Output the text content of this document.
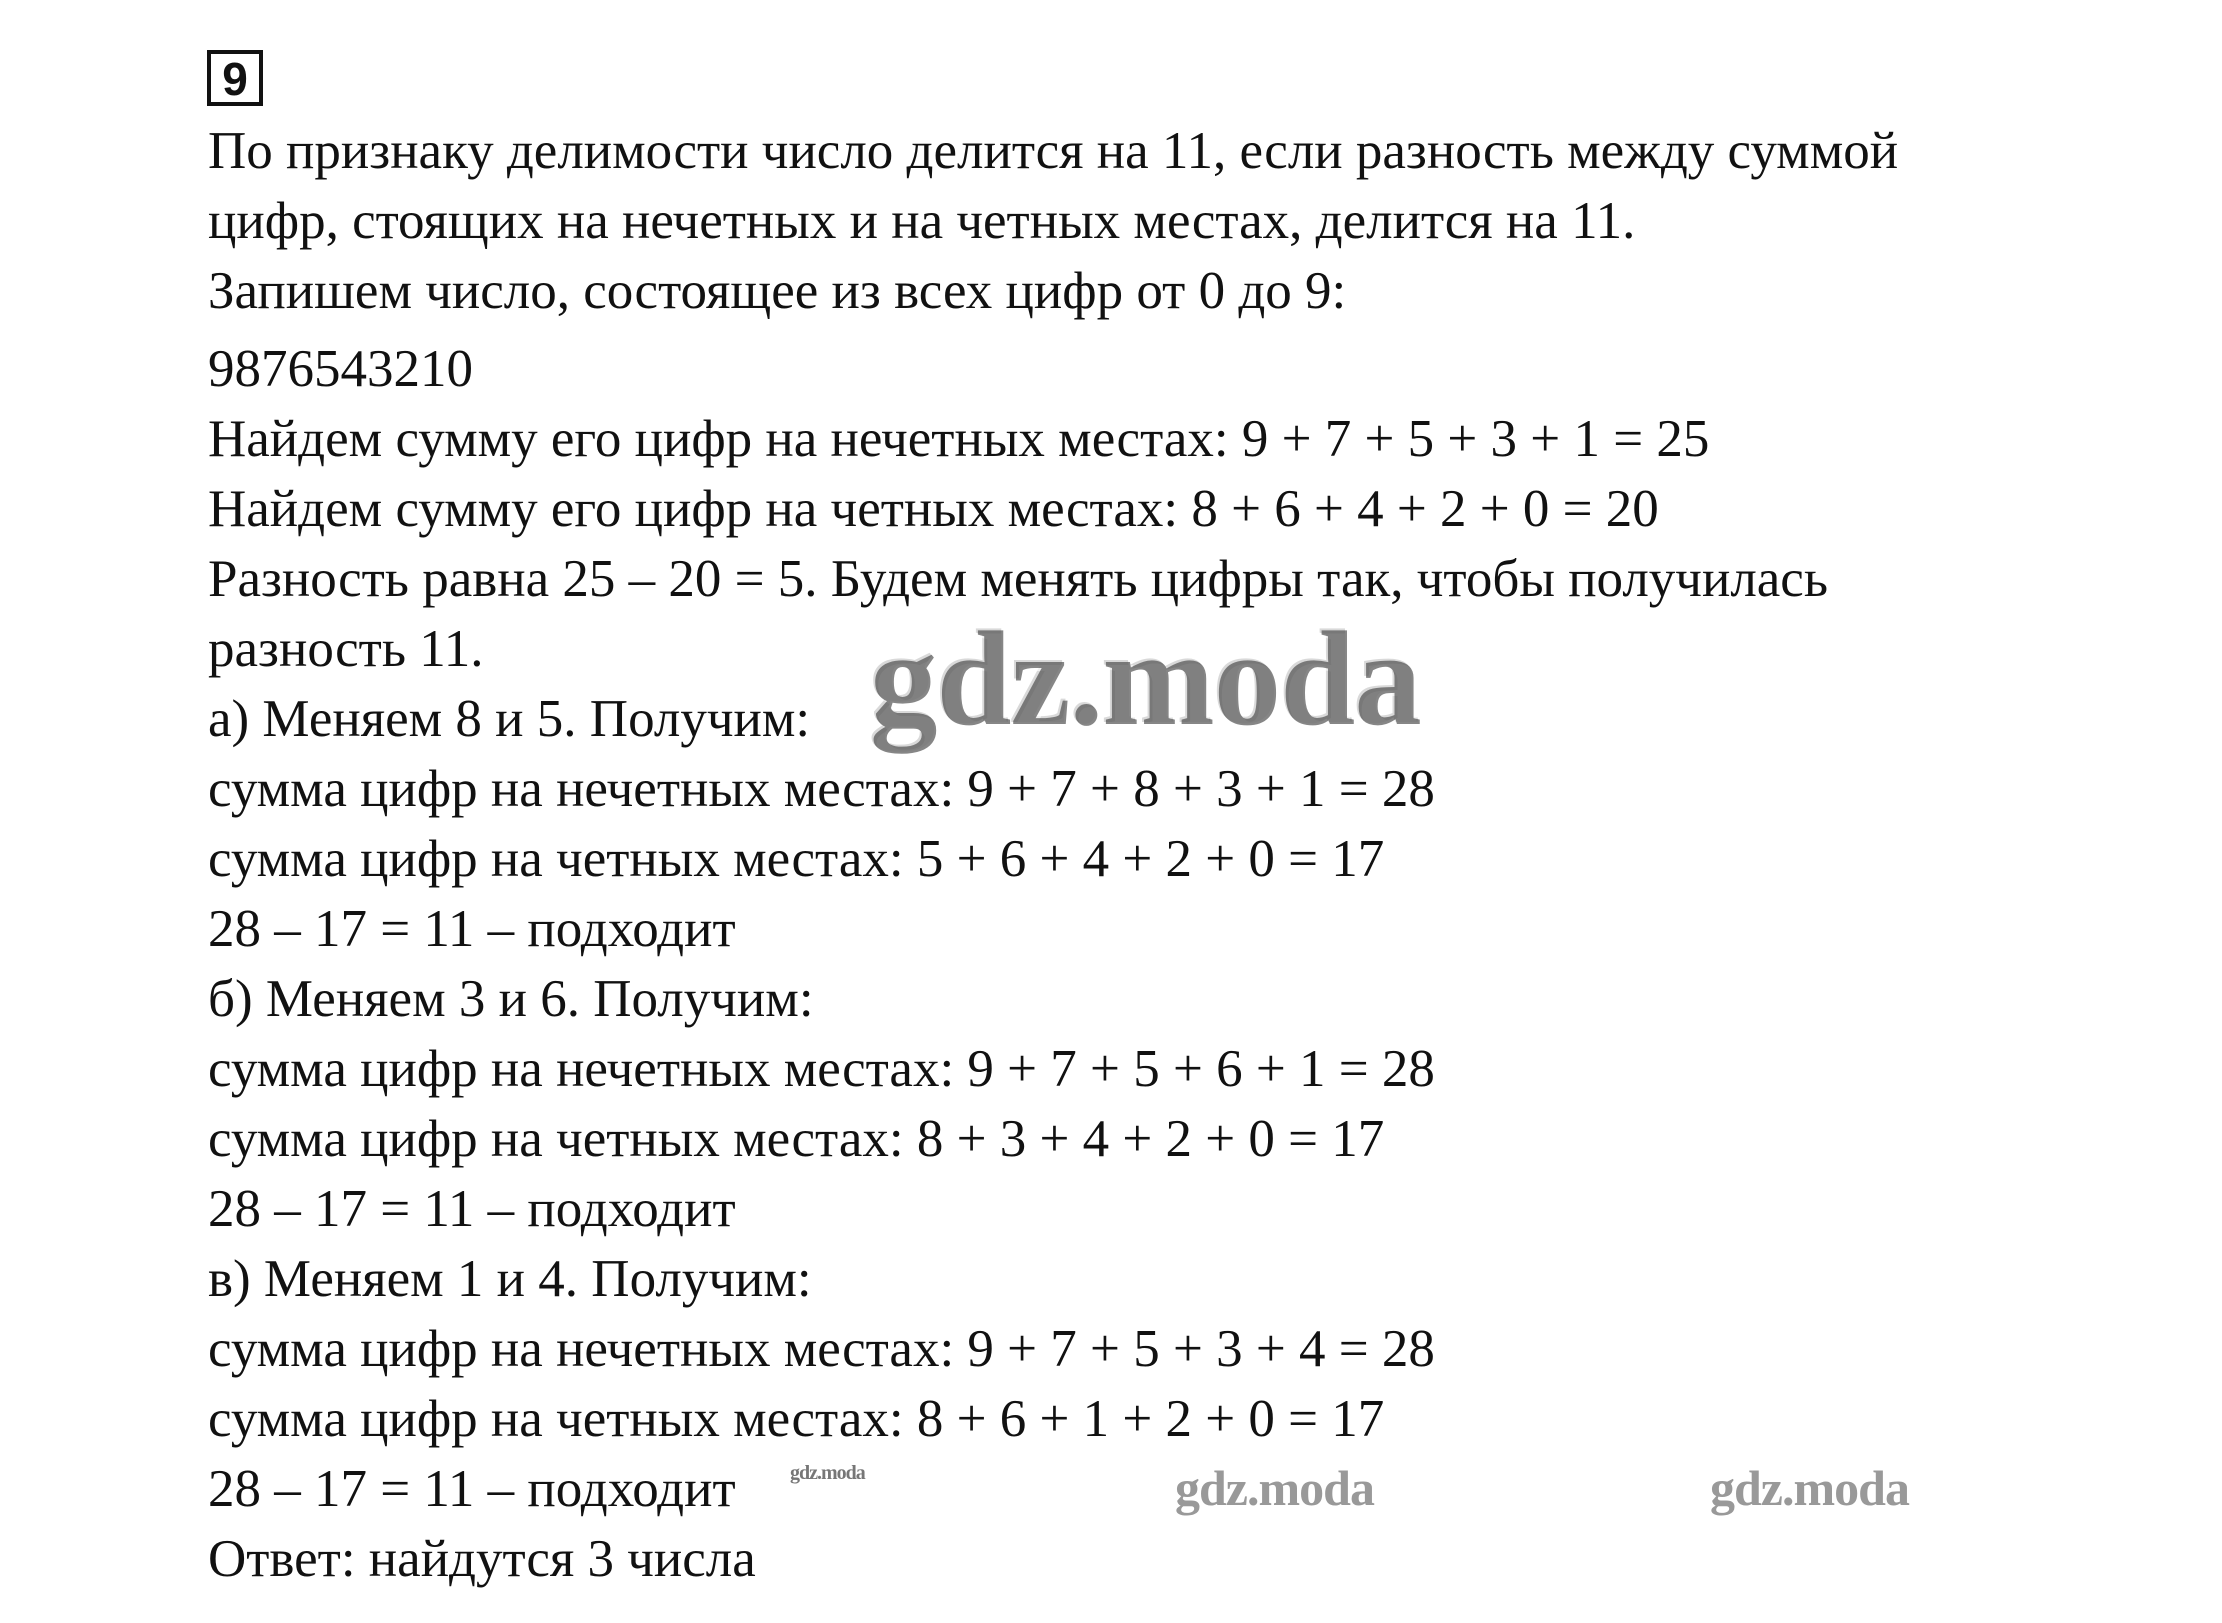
9
По признаку делимости число делится на 11, если разность между суммой
цифр, стоящих на нечетных и на четных местах, делится на 11.
Запишем число, состоящее из всех цифр от 0 до 9:
9876543210
Найдем сумму его цифр на нечетных местах: 9 + 7 + 5 + 3 + 1 = 25
Найдем сумму его цифр на четных местах: 8 + 6 + 4 + 2 + 0 = 20
Разность равна 25 – 20 = 5. Будем менять цифры так, чтобы получилась
разность 11.
а) Меняем 8 и 5. Получим:
сумма цифр на нечетных местах: 9 + 7 + 8 + 3 + 1 = 28
сумма цифр на четных местах: 5 + 6 + 4 + 2 + 0 = 17
28 – 17 = 11 – подходит
б) Меняем 3 и 6. Получим:
сумма цифр на нечетных местах: 9 + 7 + 5 + 6 + 1 = 28
сумма цифр на четных местах: 8 + 3 + 4 + 2 + 0 = 17
28 – 17 = 11 – подходит
в) Меняем 1 и 4. Получим:
сумма цифр на нечетных местах: 9 + 7 + 5 + 3 + 4 = 28
сумма цифр на четных местах: 8 + 6 + 1 + 2 + 0 = 17
28 – 17 = 11 – подходит
Ответ: найдутся 3 числа
gdz.moda
gdz.moda	gdz.moda	gdz.moda
